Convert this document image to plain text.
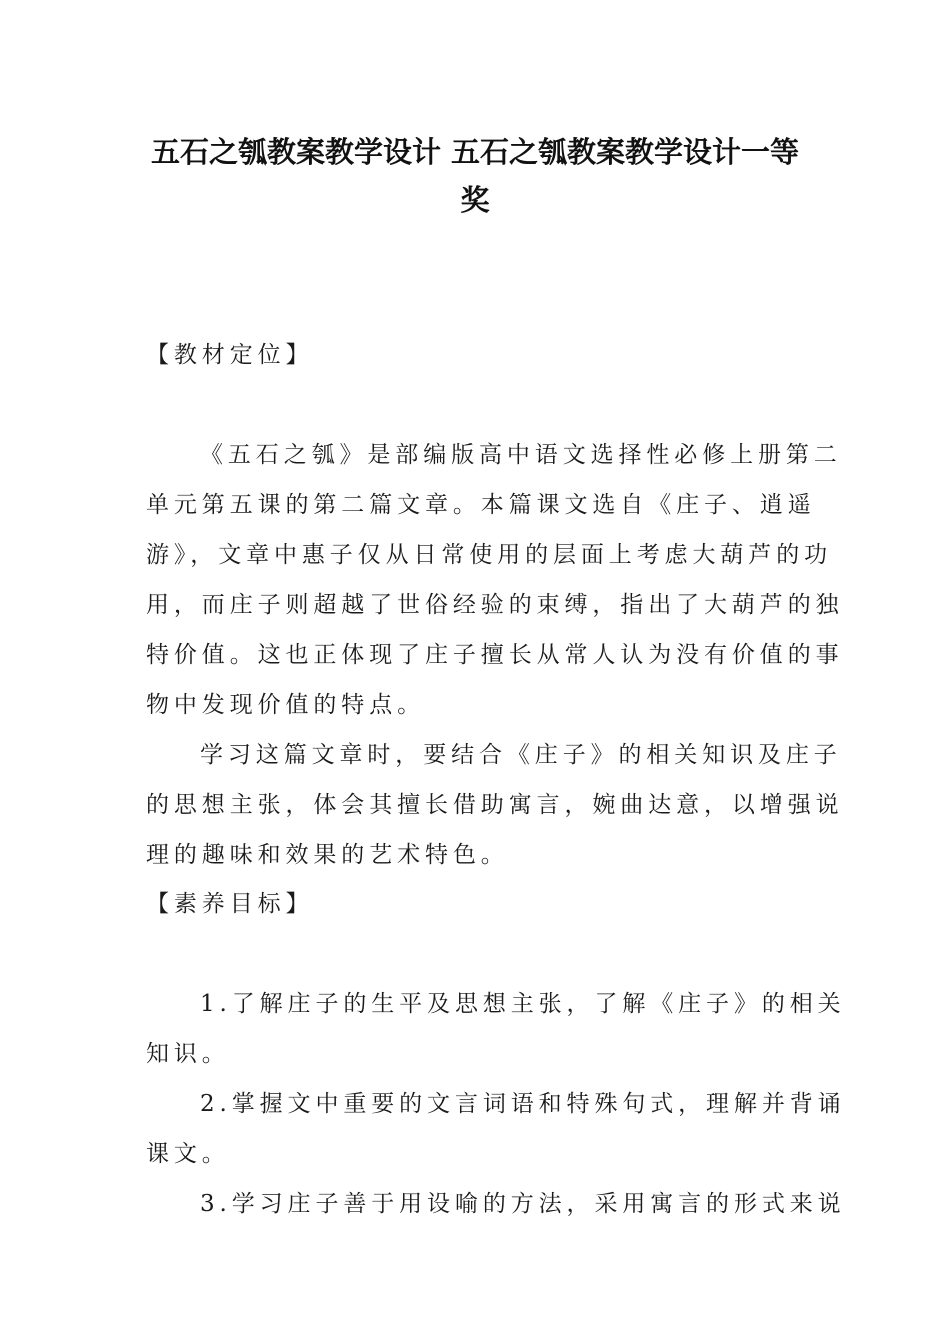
五石之瓠教案教学设计 五石之瓠教案教学设计一等
奖
【教材定位】
《五石之瓠》是部编版高中语文选择性必修上册第二
单元第五课的第二篇文章。本篇课文选自《庄子、逍遥
游》，文章中惠子仅从日常使用的层面上考虑大葫芦的功
用，而庄子则超越了世俗经验的束缚，指出了大葫芦的独
特价值。这也正体现了庄子擅长从常人认为没有价值的事
物中发现价值的特点。
学习这篇文章时，要结合《庄子》的相关知识及庄子
的思想主张，体会其擅长借助寓言，婉曲达意，以增强说
理的趣味和效果的艺术特色。
【素养目标】
1.了解庄子的生平及思想主张，了解《庄子》的相关
知识。
2.掌握文中重要的文言词语和特殊句式，理解并背诵
课文。
3.学习庄子善于用设喻的方法，采用寓言的形式来说
